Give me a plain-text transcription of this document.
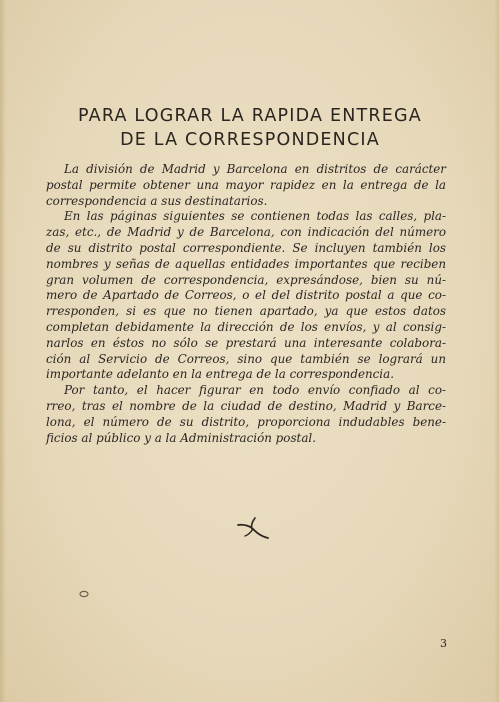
PARA LOGRAR LA RAPIDA ENTREGA
DE LA CORRESPONDENCIA
La división de Madrid y Barcelona en distritos de carácter
postal permite obtener una mayor rapidez en la entrega de la
correspondencia a sus destinatarios.
En las páginas siguientes se contienen todas las calles, pla-
zas, etc., de Madrid y de Barcelona, con indicación del número
de su distrito postal correspondiente. Se incluyen también los
nombres y señas de aquellas entidades importantes que reciben
gran volumen de correspondencia, expresándose, bien su nú-
mero de Apartado de Correos, o el del distrito postal a que co-
rresponden, si es que no tienen apartado, ya que estos datos
completan debidamente la dirección de los envíos, y al consig-
narlos en éstos no sólo se prestará una interesante colabora-
ción al Servicio de Correos, sino que también se logrará un
importante adelanto en la entrega de la correspondencia.
Por tanto, el hacer figurar en todo envío confiado al co-
rreo, tras el nombre de la ciudad de destino, Madrid y Barce-
lona, el número de su distrito, proporciona indudables bene-
ficios al público y a la Administración postal.
3
